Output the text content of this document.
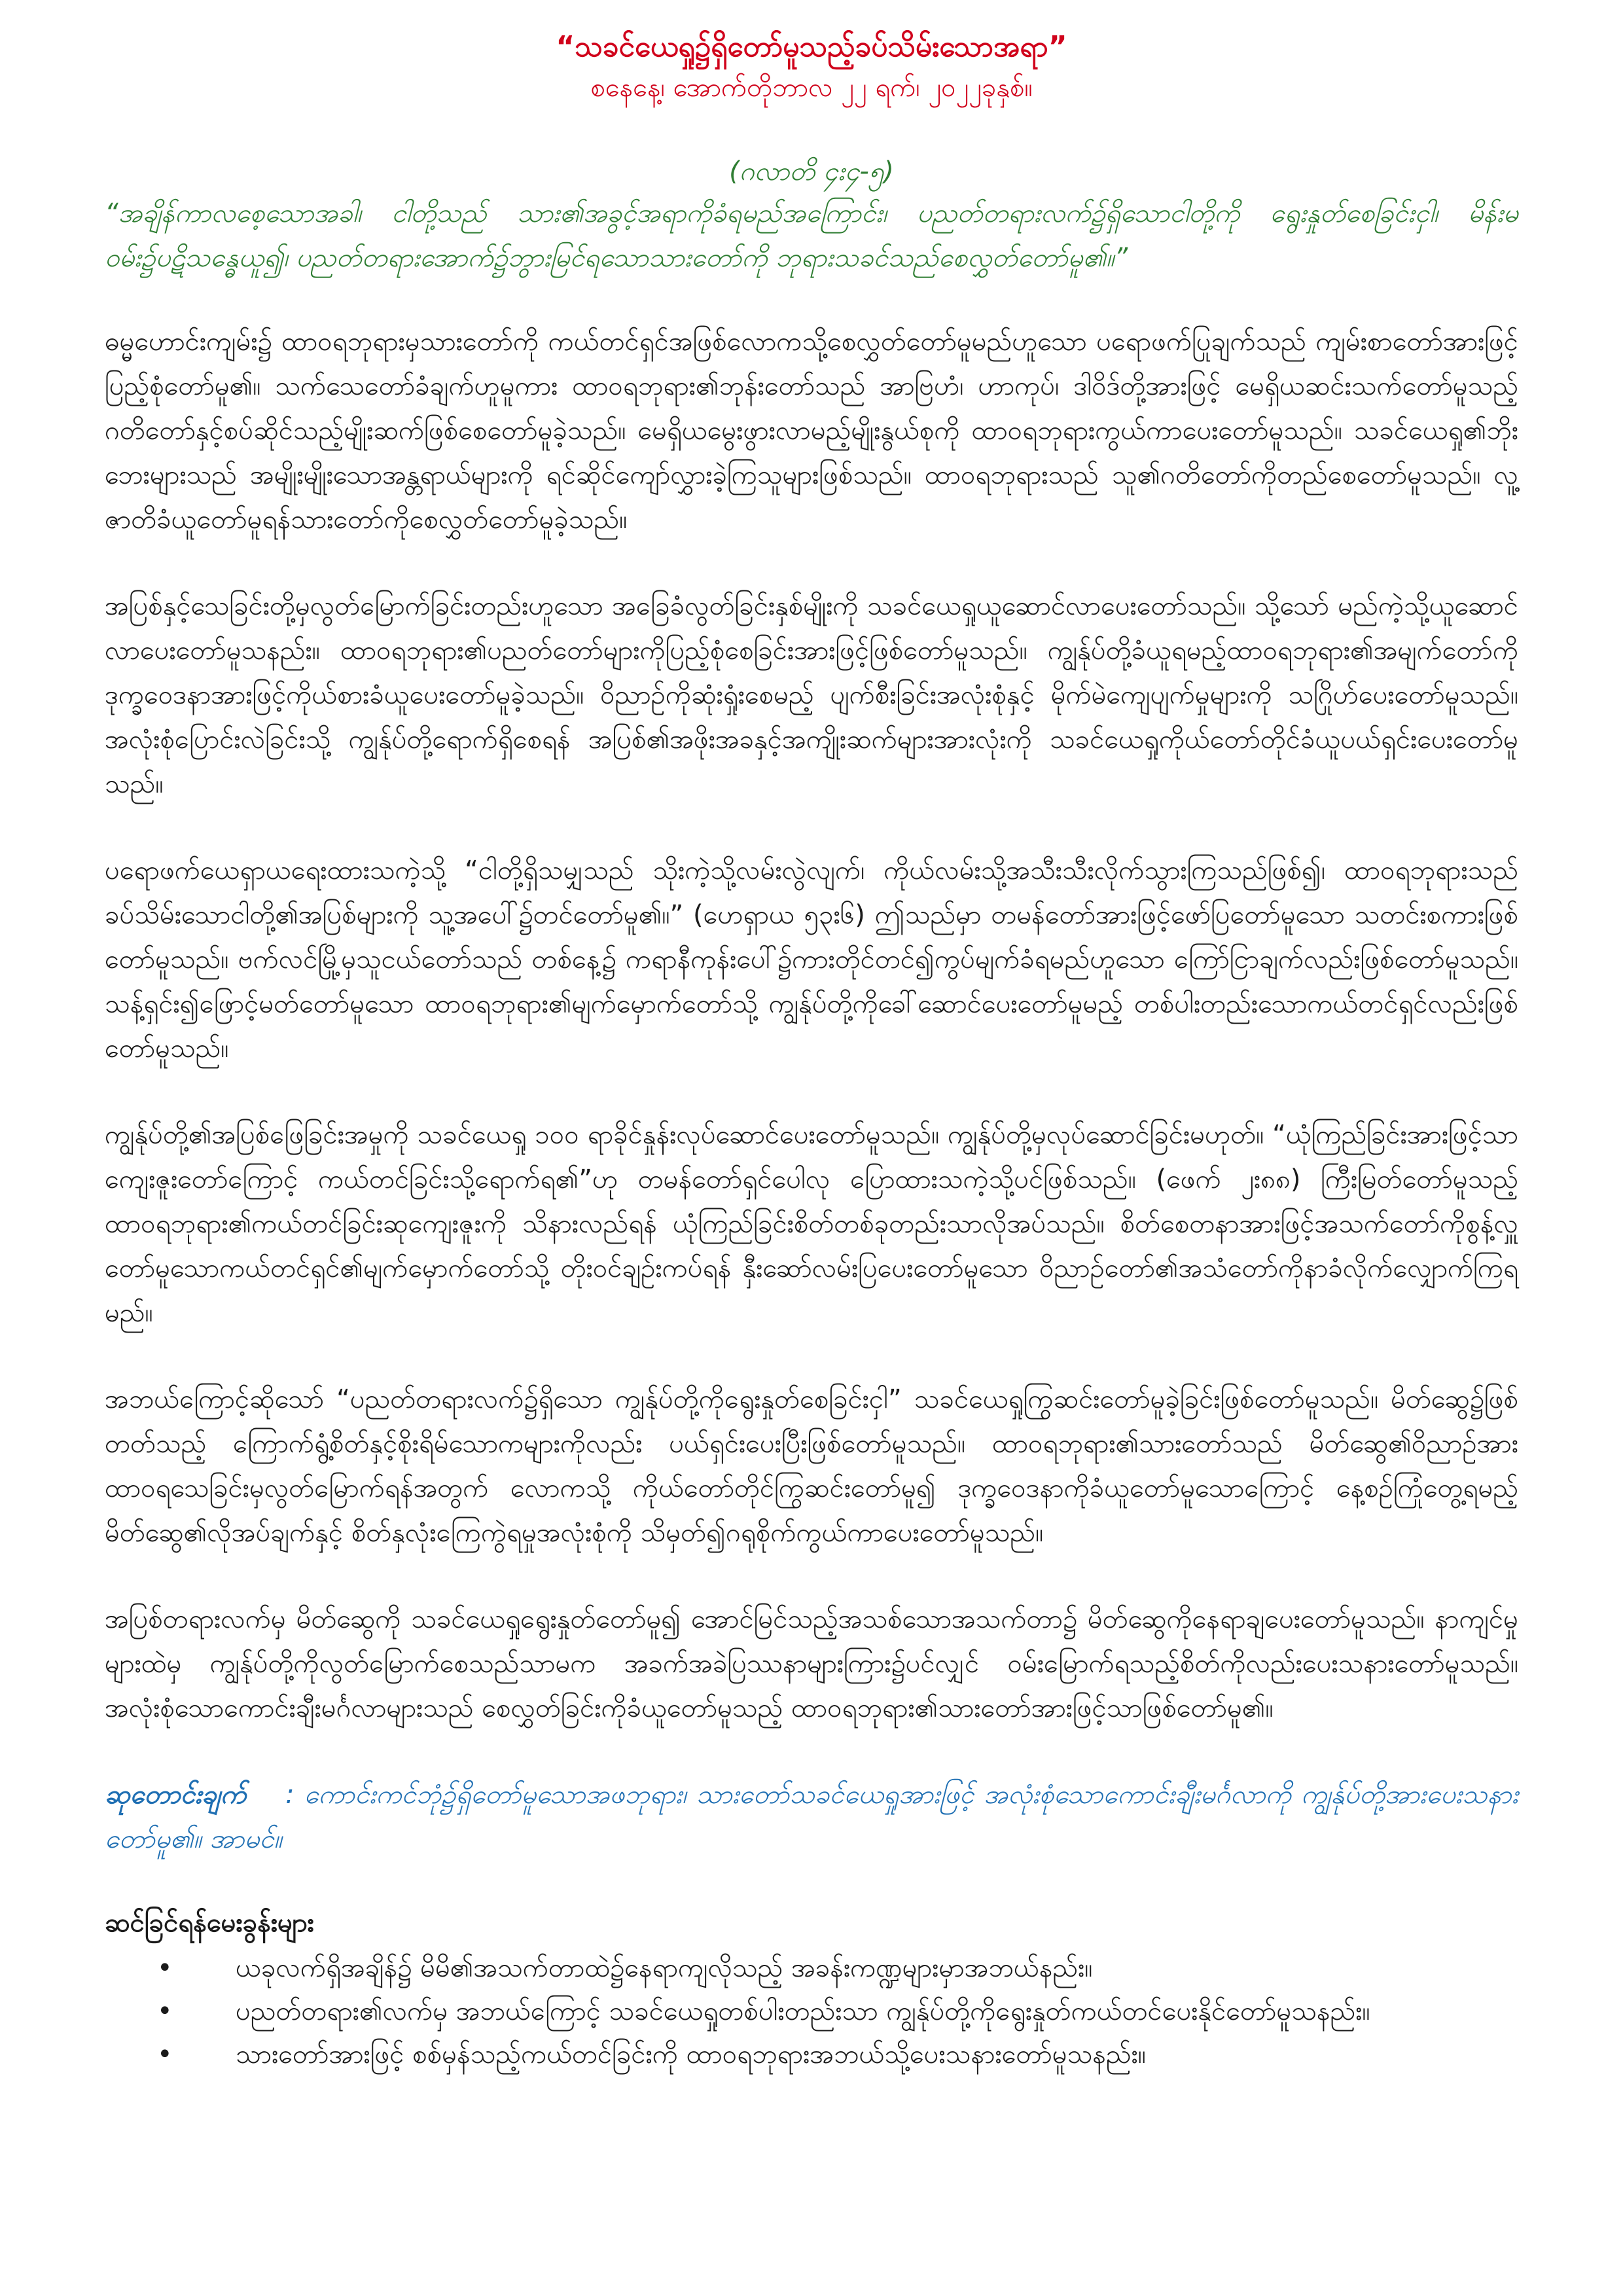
“သခင်ယေရှု၌ရှိတော်မူသည့်ခပ်သိမ်းသောအရာ”

စနေနေ့၊ အောက်တိုဘာလ ၂၂ ရက်၊ ၂၀၂၂ခုနှစ်။

(ဂလာတိ ၄း၄-၅)

“အချိန်ကာလစေ့သောအခါ၊ ငါတို့သည် သား၏အခွင့်အရာကိုခံရမည်အကြောင်း၊ ပညတ်တရားလက်၌ရှိသောငါတို့ကို ရွေးနှုတ်စေခြင်းငှါ၊ မိန်းမဝမ်း၌ပဋိသန္ဓေယူ၍၊ ပညတ်တရားအောက်၌ဘွားမြင်ရသောသားတော်ကို ဘုရားသခင်သည်စေလွှတ်တော်မူ၏။”

ဓမ္မဟောင်းကျမ်း၌ ထာဝရဘုရားမှသားတော်ကို ကယ်တင်ရှင်အဖြစ်လောကသို့စေလွှတ်တော်မူမည်ဟူသော ပရောဖက်ပြုချက်သည် ကျမ်းစာတော်အားဖြင့်ပြည့်စုံတော်မူ၏။ သက်သေတော်ခံချက်ဟူမူကား ထာဝရဘုရား၏ဘုန်းတော်သည် အာဗြဟံ၊ ဟာကုပ်၊ ဒါဝိဒ်တို့အားဖြင့် မေရှိယဆင်းသက်တော်မူသည့် ဂတိတော်နှင့်စပ်ဆိုင်သည့်မျိုးဆက်ဖြစ်စေတော်မူခဲ့သည်။ မေရှိယမွေးဖွားလာမည့်မျိုးနွယ်စုကို ထာဝရဘုရားကွယ်ကာပေးတော်မူသည်။ သခင်ယေရှု၏ဘိုးဘေးများသည် အမျိုးမျိုးသောအန္တရာယ်များကို ရင်ဆိုင်ကျော်လွှားခဲ့ကြသူများဖြစ်သည်။ ထာဝရဘုရားသည် သူ၏ဂတိတော်ကိုတည်စေတော်မူသည်။ လူ့ဇာတိခံယူတော်မူရန်သားတော်ကိုစေလွှတ်တော်မူခဲ့သည်။

အပြစ်နှင့်သေခြင်းတို့မှလွတ်မြောက်ခြင်းတည်းဟူသော အခြေခံလွတ်ခြင်းနှစ်မျိုးကို သခင်ယေရှုယူဆောင်လာပေးတော်သည်။ သို့သော် မည်ကဲ့သို့ယူဆောင်လာပေးတော်မူသနည်း။ ထာဝရဘုရား၏ပညတ်တော်များကိုပြည့်စုံစေခြင်းအားဖြင့်ဖြစ်တော်မူသည်။ ကျွန်ုပ်တို့ခံယူရမည့်ထာဝရဘုရား၏အမျက်တော်ကို ဒုက္ခဝေဒနာအားဖြင့်ကိုယ်စားခံယူပေးတော်မူခဲ့သည်။ ဝိညာဉ်ကိုဆုံးရှုံးစေမည့် ပျက်စီးခြင်းအလုံးစုံနှင့် မိုက်မဲကျေပျက်မှုများကို သဂြိုဟ်ပေးတော်မူသည်။ အလုံးစုံပြောင်းလဲခြင်းသို့ ကျွန်ုပ်တို့ရောက်ရှိစေရန် အပြစ်၏အဖိုးအခနှင့်အကျိုးဆက်များအားလုံးကို သခင်ယေရှုကိုယ်တော်တိုင်ခံယူပယ်ရှင်းပေးတော်မူသည်။

ပရောဖက်ယေရှာယရေးထားသကဲ့သို့ “ငါတို့ရှိသမျှသည် သိုးကဲ့သို့လမ်းလွဲလျက်၊ ကိုယ်လမ်းသို့အသီးသီးလိုက်သွားကြသည်ဖြစ်၍၊ ထာဝရဘုရားသည် ခပ်သိမ်းသောငါတို့၏အပြစ်များကို သူ့အပေါ်၌တင်တော်မူ၏။” (ဟေရှာယ ၅၃း၆) ဤသည်မှာ တမန်တော်အားဖြင့်ဖော်ပြတော်မူသော သတင်းစကားဖြစ်တော်မူသည်။ ဗက်လင်မြို့မှသူငယ်တော်သည် တစ်နေ့၌ ကရာနီကုန်းပေါ်၌ကားတိုင်တင်၍ကွပ်မျက်ခံရမည်ဟူသော ကြော်ငြာချက်လည်းဖြစ်တော်မူသည်။ သန့်ရှင်း၍ဖြောင့်မတ်တော်မူသော ထာဝရဘုရား၏မျက်မှောက်တော်သို့ ကျွန်ုပ်တို့ကိုခေါ်ဆောင်ပေးတော်မူမည့် တစ်ပါးတည်းသောကယ်တင်ရှင်လည်းဖြစ်တော်မူသည်။

ကျွန်ုပ်တို့၏အပြစ်ဖြေခြင်းအမှုကို သခင်ယေရှု ၁၀၀ ရာခိုင်နှုန်းလုပ်ဆောင်ပေးတော်မူသည်။ ကျွန်ုပ်တို့မှလုပ်ဆောင်ခြင်းမဟုတ်။ “ယုံကြည်ခြင်းအားဖြင့်သာကျေးဇူးတော်ကြောင့် ကယ်တင်ခြင်းသို့ရောက်ရ၏”ဟု တမန်တော်ရှင်ပေါလု ပြောထားသကဲ့သို့ပင်ဖြစ်သည်။ (ဖေက် ၂း၈၈) ကြီးမြတ်တော်မူသည့် ထာဝရဘုရား၏ကယ်တင်ခြင်းဆုကျေးဇူးကို သိနားလည်ရန် ယုံကြည်ခြင်းစိတ်တစ်ခုတည်းသာလိုအပ်သည်။ စိတ်စေတနာအားဖြင့်အသက်တော်ကိုစွန့်လှူတော်မူသောကယ်တင်ရှင်၏မျက်မှောက်တော်သို့ တိုးဝင်ချဉ်းကပ်ရန် နှီးဆော်လမ်းပြပေးတော်မူသော ဝိညာဉ်တော်၏အသံတော်ကိုနာခံလိုက်လျှောက်ကြရမည်။

အဘယ်ကြောင့်ဆိုသော် “ပညတ်တရားလက်၌ရှိသော ကျွန်ုပ်တို့ကိုရွေးနှုတ်စေခြင်းငှါ” သခင်ယေရှုကြွဆင်းတော်မူခဲ့ခြင်းဖြစ်တော်မူသည်။ မိတ်ဆွေ၌ဖြစ်တတ်သည့် ကြောက်ရွံ့စိတ်နှင့်စိုးရိမ်သောကများကိုလည်း ပယ်ရှင်းပေးပြီးဖြစ်တော်မူသည်။ ထာဝရဘုရား၏သားတော်သည် မိတ်ဆွေ၏ဝိညာဉ်အား ထာဝရသေခြင်းမှလွတ်မြောက်ရန်အတွက် လောကသို့ ကိုယ်တော်တိုင်ကြွဆင်းတော်မူ၍ ဒုက္ခဝေဒနာကိုခံယူတော်မူသောကြောင့် နေ့စဉ်ကြုံတွေ့ရမည့် မိတ်ဆွေ၏လိုအပ်ချက်နှင့် စိတ်နှလုံးကြေကွဲရမှုအလုံးစုံကို သိမှတ်၍ဂရုစိုက်ကွယ်ကာပေးတော်မူသည်။

အပြစ်တရားလက်မှ မိတ်ဆွေကို သခင်ယေရှုရွေးနှုတ်တော်မူ၍ အောင်မြင်သည့်အသစ်သောအသက်တာ၌ မိတ်ဆွေကိုနေရာချပေးတော်မူသည်။ နာကျင်မှုများထဲမှ ကျွန်ုပ်တို့ကိုလွတ်မြောက်စေသည်သာမက အခက်အခဲပြဿနာများကြား၌ပင်လျှင် ဝမ်းမြောက်ရသည့်စိတ်ကိုလည်းပေးသနားတော်မူသည်။ အလုံးစုံသောကောင်းချီးမင်္ဂလာများသည် စေလွှတ်ခြင်းကိုခံယူတော်မူသည့် ထာဝရဘုရား၏သားတော်အားဖြင့်သာဖြစ်တော်မူ၏။

ဆုတောင်းချက် : ကောင်းကင်ဘုံ၌ရှိတော်မူသောအဖဘုရား၊ သားတော်သခင်ယေရှုအားဖြင့် အလုံးစုံသောကောင်းချီးမင်္ဂလာကို ကျွန်ုပ်တို့အားပေးသနားတော်မူ၏။ အာမင်။

ဆင်ခြင်ရန်မေးခွန်းများ

• ယခုလက်ရှိအချိန်၌ မိမိ၏အသက်တာထဲ၌နေရာကျလိုသည့် အခန်းကဏ္ဍများမှာအဘယ်နည်း။
• ပညတ်တရား၏လက်မှ အဘယ်ကြောင့် သခင်ယေရှုတစ်ပါးတည်းသာ ကျွန်ုပ်တို့ကိုရွေးနှုတ်ကယ်တင်ပေးနိုင်တော်မူသနည်း။
• သားတော်အားဖြင့် စစ်မှန်သည့်ကယ်တင်ခြင်းကို ထာဝရဘုရားအဘယ်သို့ပေးသနားတော်မူသနည်း။
